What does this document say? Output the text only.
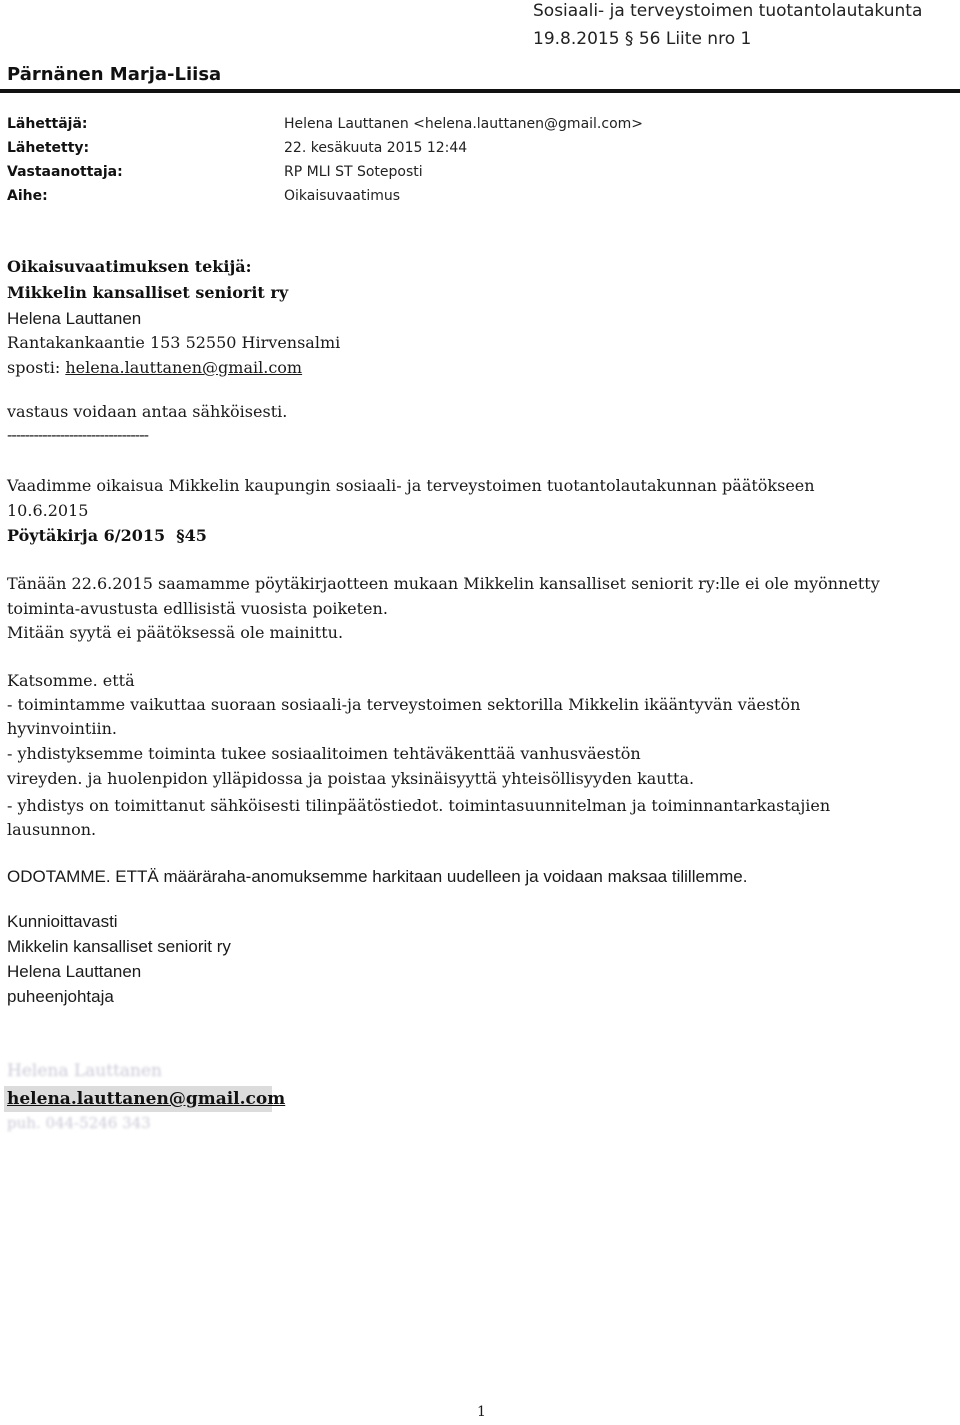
Sosiaali- ja terveystoimen tuotantolautakunta
19.8.2015 § 56 Liite nro 1
Pärnänen Marja-Liisa
Lähettäjä:	Helena Lauttanen <helena.lauttanen@gmail.com>
Lähetetty:	22. kesäkuuta 2015 12:44
Vastaanottaja:	RP MLI ST Soteposti
Aihe:	Oikaisuvaatimus
Oikaisuvaatimuksen tekijä:
Mikkelin kansalliset seniorit ry
Helena Lauttanen
Rantakankaantie 153 52550 Hirvensalmi
sposti: helena.lauttanen@gmail.com
vastaus voidaan antaa sähköisesti.
--------------------------------
Vaadimme oikaisua Mikkelin kaupungin sosiaali- ja terveystoimen tuotantolautakunnan päätökseen
10.6.2015
Pöytäkirja 6/2015  §45
Tänään 22.6.2015 saamamme pöytäkirjaotteen mukaan Mikkelin kansalliset seniorit ry:lle ei ole myönnetty
toiminta-avustusta edllisistä vuosista poiketen.
Mitään syytä ei päätöksessä ole mainittu.
Katsomme. että
- toimintamme vaikuttaa suoraan sosiaali-ja terveystoimen sektorilla Mikkelin ikääntyvän väestön
hyvinvointiin.
- yhdistyksemme toiminta tukee sosiaalitoimen tehtäväkenttää vanhusväestön
vireyden. ja huolenpidon ylläpidossa ja poistaa yksinäisyyttä yhteisöllisyyden kautta.
- yhdistys on toimittanut sähköisesti tilinpäätöstiedot. toimintasuunnitelman ja toiminnantarkastajien
lausunnon.
ODOTAMME. ETTÄ määräraha-anomuksemme harkitaan uudelleen ja voidaan maksaa tilillemme.
Kunnioittavasti
Mikkelin kansalliset seniorit ry
Helena Lauttanen
puheenjohtaja
Helena Lauttanen
helena.lauttanen@gmail.com
puh. 044-5246 343
1
